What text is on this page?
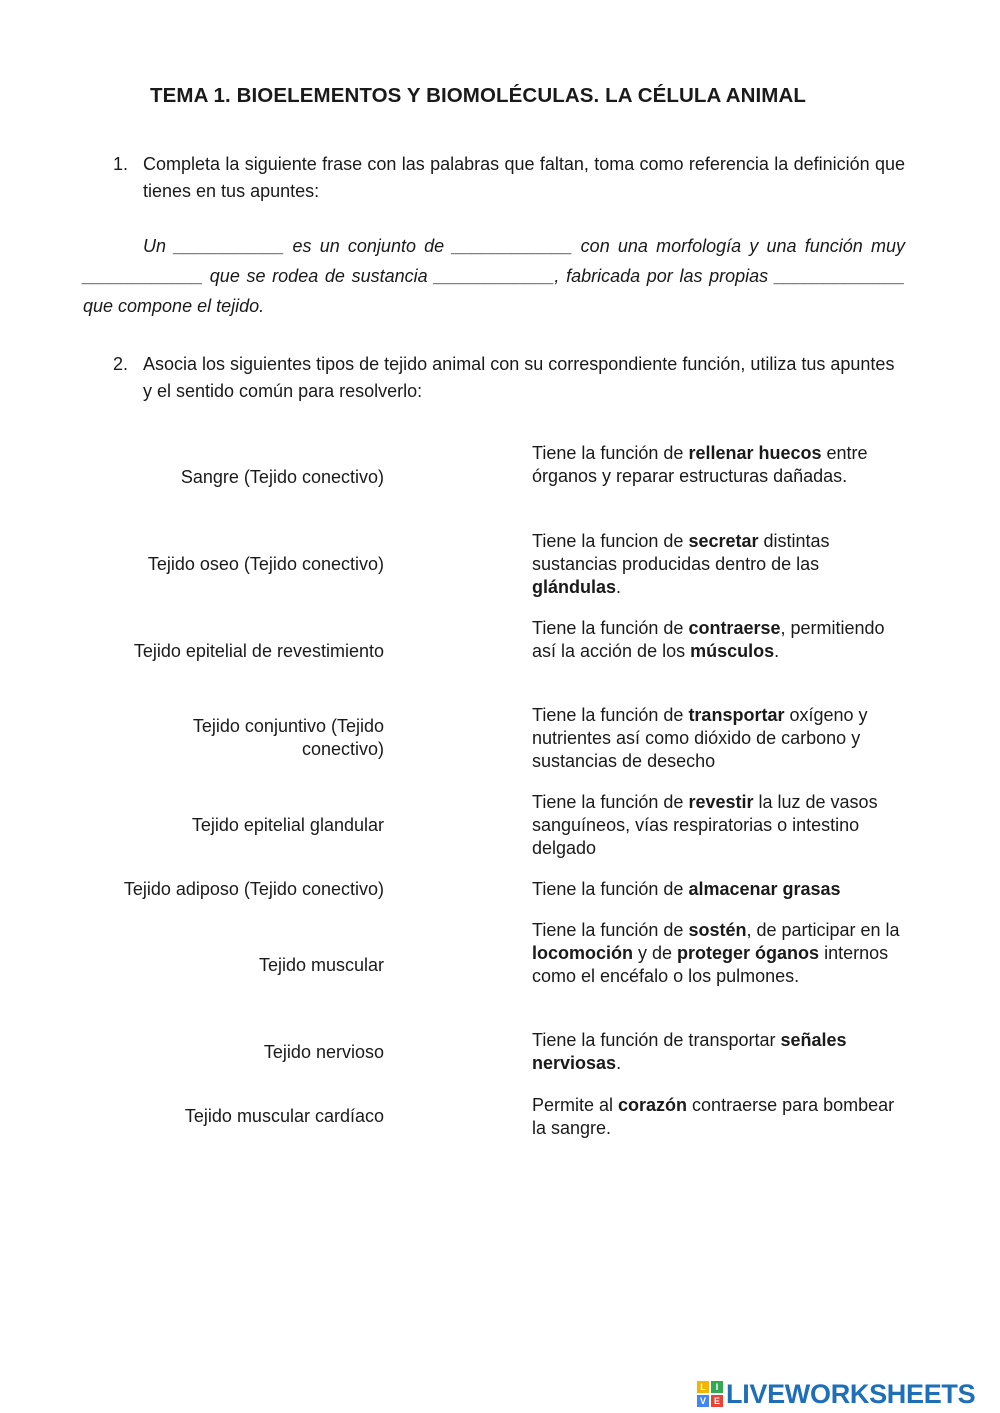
TEMA 1. BIOELEMENTOS Y BIOMOLÉCULAS. LA CÉLULA ANIMAL
1. Completa la siguiente frase con las palabras que faltan, toma como referencia la definición que tienes en tus apuntes:
Un ___________ es un conjunto de ____________ con una morfología y una función muy ____________ que se rodea de sustancia ____________, fabricada por las propias _____________ que compone el tejido.
2. Asocia los siguientes tipos de tejido animal con su correspondiente función, utiliza tus apuntes y el sentido común para resolverlo:
Sangre (Tejido conectivo)
Tiene la función de rellenar huecos entre órganos y reparar estructuras dañadas.
Tejido oseo (Tejido conectivo)
Tiene la funcion de secretar distintas sustancias producidas dentro de las glándulas.
Tejido epitelial de revestimiento
Tiene la función de contraerse, permitiendo así la acción de los músculos.
Tejido conjuntivo (Tejido conectivo)
Tiene la función de transportar oxígeno y nutrientes así como dióxido de carbono y sustancias de desecho
Tejido epitelial glandular
Tiene la función de revestir la luz de vasos sanguíneos, vías respiratorias o intestino delgado
Tejido adiposo (Tejido conectivo)	Tiene la función de almacenar grasas
Tejido muscular
Tiene la función de sostén, de participar en la locomoción y de proteger óganos internos como el encéfalo o los pulmones.
Tejido nervioso
Tiene la función de transportar señales nerviosas.
Tejido muscular cardíaco
Permite al corazón contraerse para bombear la sangre.
L	I
V E LIVEWORKSHEETS
